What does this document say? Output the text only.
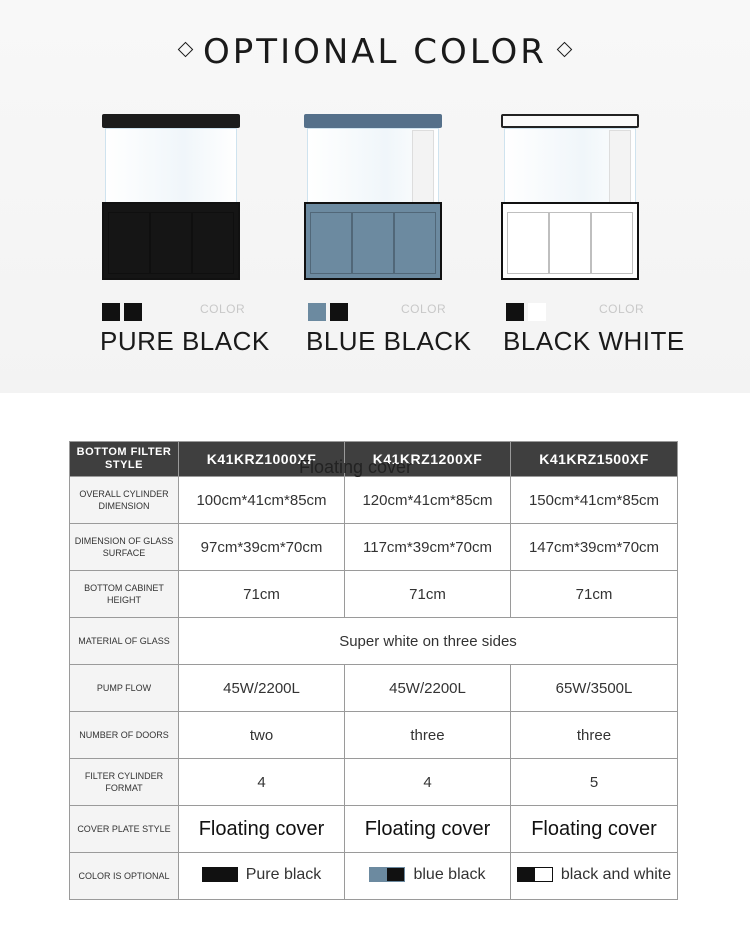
OPTIONAL COLOR
COLOR
PURE BLACK
COLOR
BLUE BLACK
COLOR
BLACK WHITE
BOTTOM FILTER STYLE	K41KRZ1000XF	K41KRZ1200XF	K41KRZ1500XF
OVERALL CYLINDER DIMENSION	100cm*41cm*85cm	120cm*41cm*85cm	150cm*41cm*85cm
DIMENSION OF GLASS SURFACE	97cm*39cm*70cm	117cm*39cm*70cm	147cm*39cm*70cm
BOTTOM CABINET HEIGHT	71cm	71cm	71cm
MATERIAL OF GLASS	Super white on three sides		
PUMP FLOW	45W/2200L	45W/2200L	65W/3500L
NUMBER OF DOORS	two	three	three
FILTER CYLINDER FORMAT	4	4	5
COVER PLATE STYLE	Floating cover	Floating cover	Floating cover
COLOR IS OPTIONAL	Pure black	blue black	black and white
Floating cover
